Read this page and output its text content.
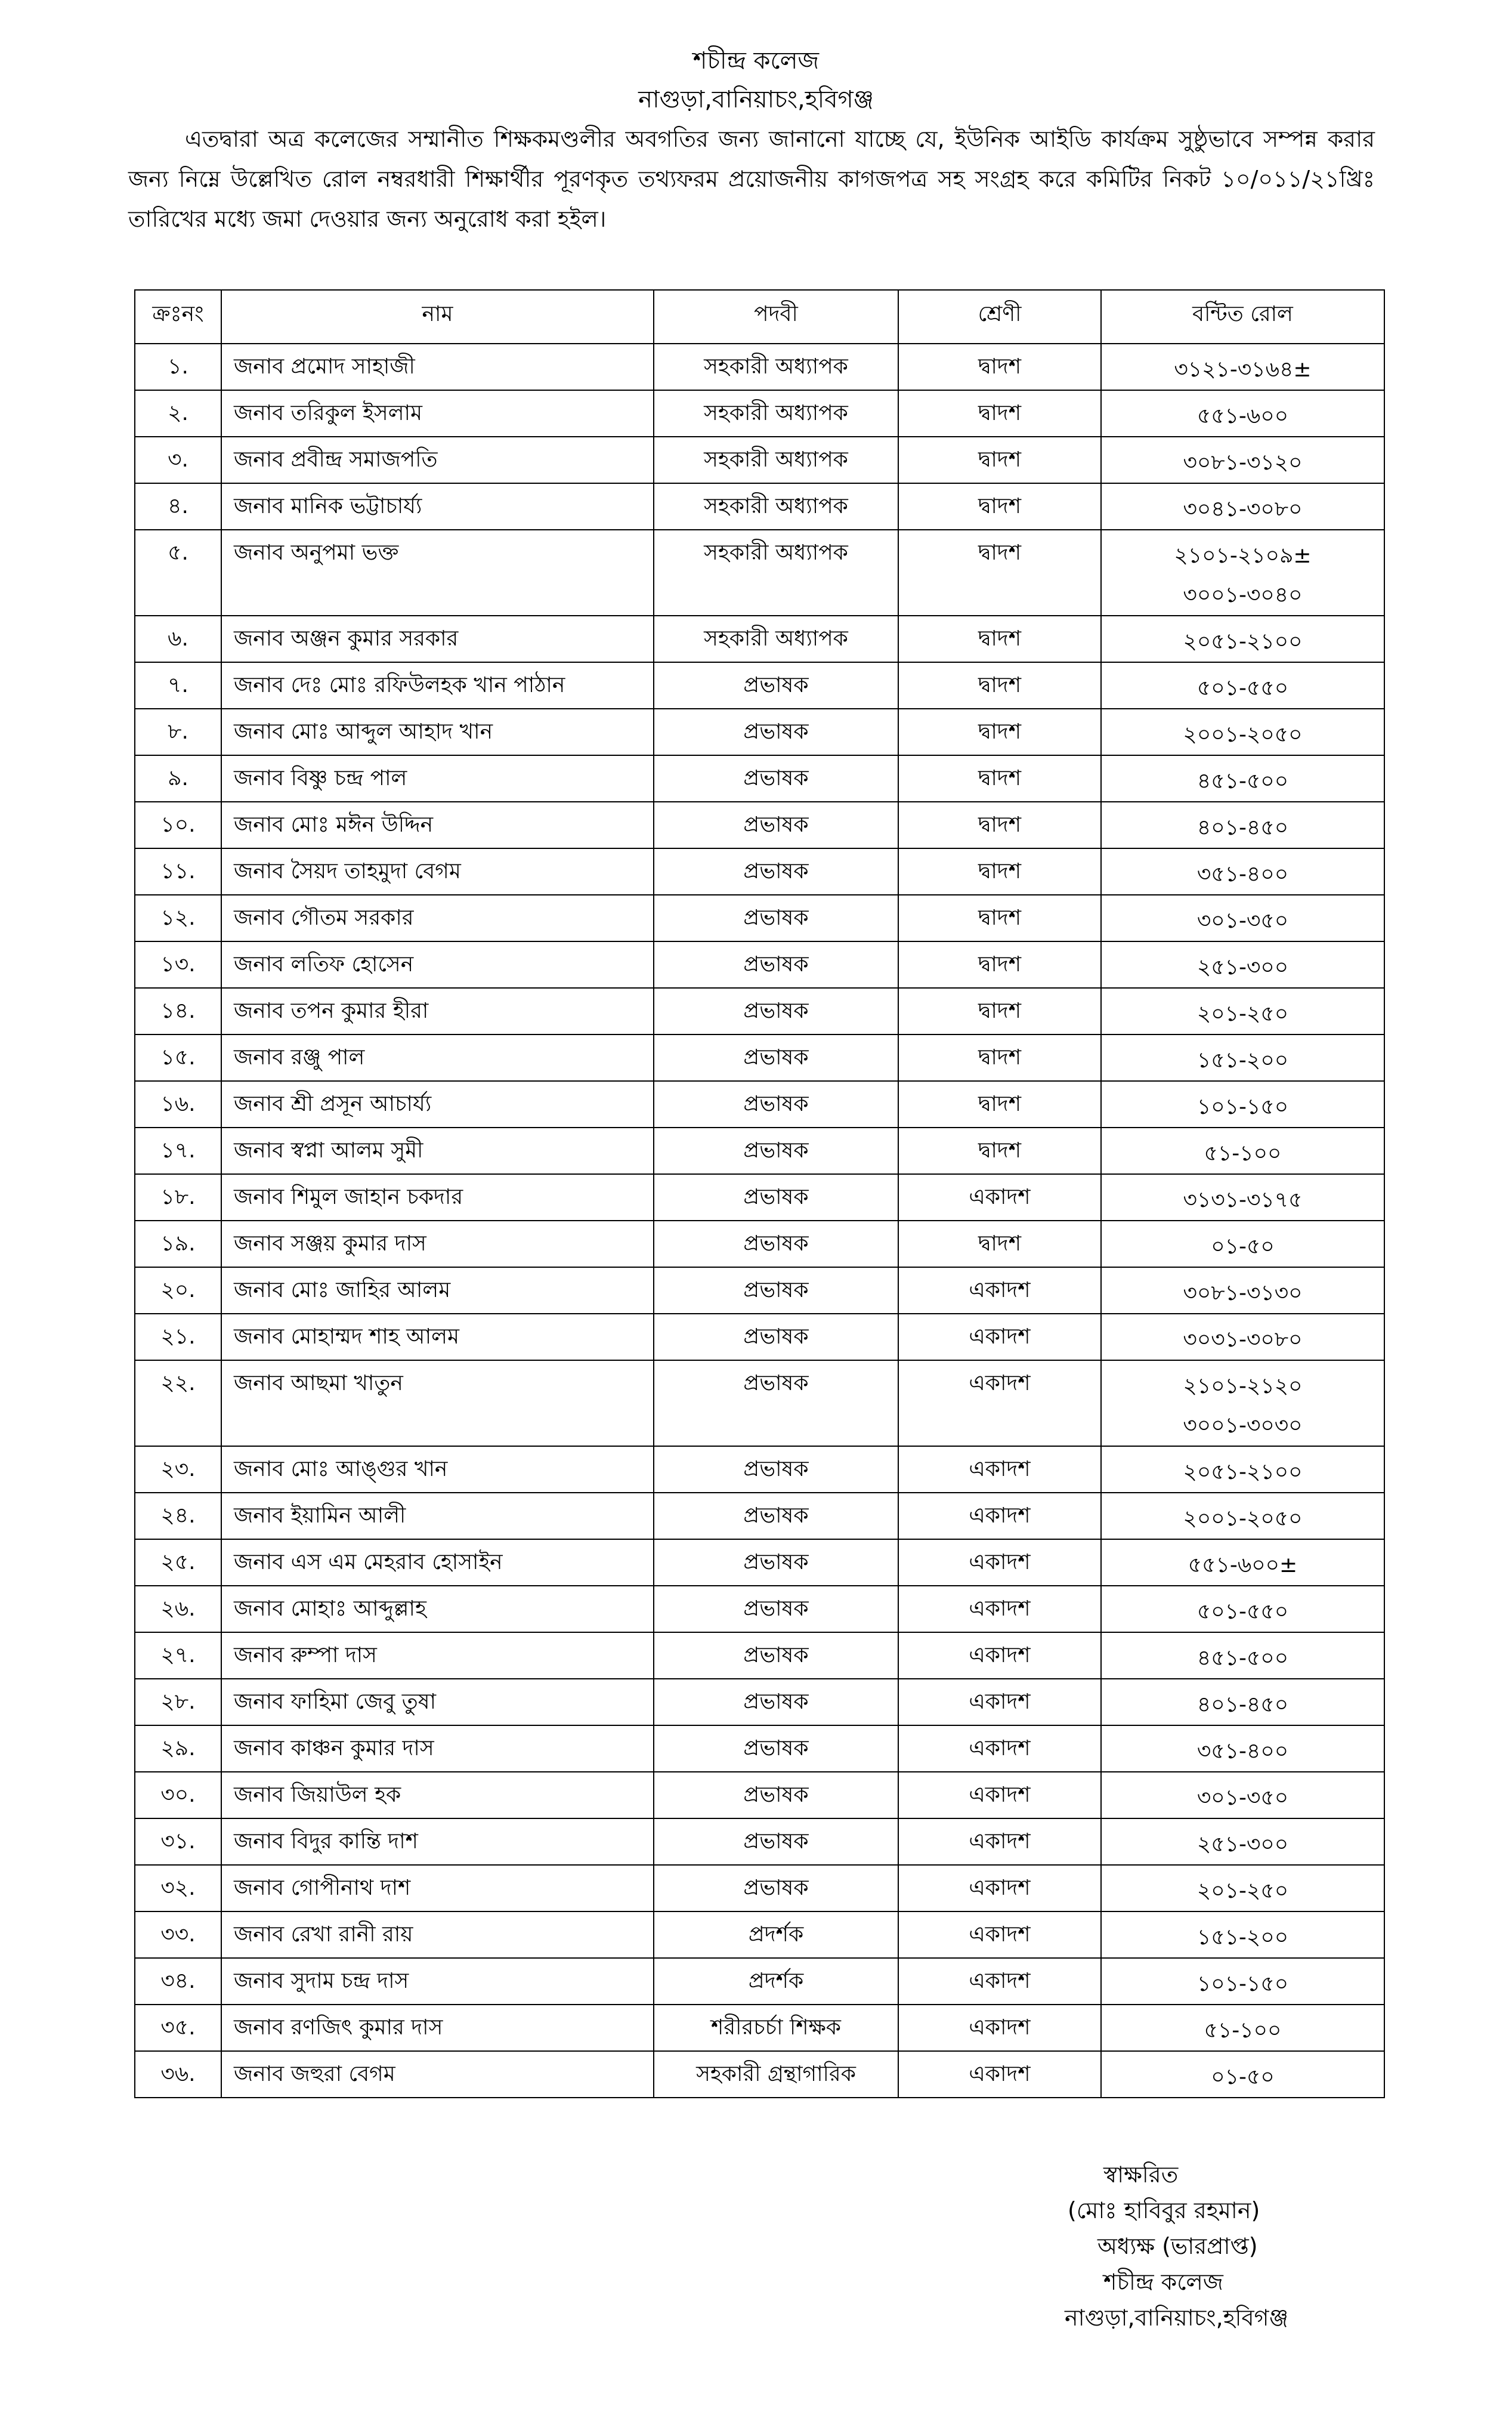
শচীন্দ্র কলেজ
নাগুড়া,বানিয়াচং,হবিগঞ্জ
এতদ্বারা অত্র কলেজের সম্মানীত শিক্ষকমণ্ডলীর অবগতির জন্য জানানো যাচ্ছে যে, ইউনিক আইডি কার্যক্রম সুষ্ঠুভাবে সম্পন্ন করার জন্য নিম্নে উল্লেখিত রোল নম্বরধারী শিক্ষার্থীর পূরণকৃত তথ্যফরম প্রয়োজনীয় কাগজপত্র সহ সংগ্রহ করে কমিটির নিকট ১০/০১১/২১খ্রিঃ তারিখের মধ্যে জমা দেওয়ার জন্য অনুরোধ করা হইল।
ক্রঃনং	নাম	পদবী	শ্রেণী	বন্টিত রোল
১.	জনাব প্রমোদ সাহাজী	সহকারী অধ্যাপক	দ্বাদশ	৩১২১-৩১৬৪±

২.	জনাব তরিকুল ইসলাম	সহকারী অধ্যাপক	দ্বাদশ	৫৫১-৬০০

৩.	জনাব প্রবীন্দ্র সমাজপতি	সহকারী অধ্যাপক	দ্বাদশ	৩০৮১-৩১২০

৪.	জনাব মানিক ভট্টাচার্য্য	সহকারী অধ্যাপক	দ্বাদশ	৩০৪১-৩০৮০

৫.	জনাব অনুপমা ভক্ত	সহকারী অধ্যাপক	দ্বাদশ	২১০১-২১০৯±
৩০০১-৩০৪০

৬.	জনাব অঞ্জন কুমার সরকার	সহকারী অধ্যাপক	দ্বাদশ	২০৫১-২১০০

৭.	জনাব দেঃ মোঃ রফিউলহক খান পাঠান	প্রভাষক	দ্বাদশ	৫০১-৫৫০

৮.	জনাব মোঃ আব্দুল আহাদ খান	প্রভাষক	দ্বাদশ	২০০১-২০৫০

৯.	জনাব বিষ্ণু চন্দ্র পাল	প্রভাষক	দ্বাদশ	৪৫১-৫০০

১০.	জনাব মোঃ মঈন উদ্দিন	প্রভাষক	দ্বাদশ	৪০১-৪৫০

১১.	জনাব সৈয়দ তাহমুদা বেগম	প্রভাষক	দ্বাদশ	৩৫১-৪০০

১২.	জনাব গৌতম সরকার	প্রভাষক	দ্বাদশ	৩০১-৩৫০

১৩.	জনাব লতিফ হোসেন	প্রভাষক	দ্বাদশ	২৫১-৩০০

১৪.	জনাব তপন কুমার হীরা	প্রভাষক	দ্বাদশ	২০১-২৫০

১৫.	জনাব রঞ্জু পাল	প্রভাষক	দ্বাদশ	১৫১-২০০

১৬.	জনাব শ্রী প্রসূন আচার্য্য	প্রভাষক	দ্বাদশ	১০১-১৫০

১৭.	জনাব স্বপ্না আলম সুমী	প্রভাষক	দ্বাদশ	৫১-১০০

১৮.	জনাব শিমুল জাহান চকদার	প্রভাষক	একাদশ	৩১৩১-৩১৭৫

১৯.	জনাব সঞ্জয় কুমার দাস	প্রভাষক	দ্বাদশ	০১-৫০

২০.	জনাব মোঃ জাহির আলম	প্রভাষক	একাদশ	৩০৮১-৩১৩০

২১.	জনাব মোহাম্মদ শাহ আলম	প্রভাষক	একাদশ	৩০৩১-৩০৮০

২২.	জনাব আছমা খাতুন	প্রভাষক	একাদশ	২১০১-২১২০
৩০০১-৩০৩০

২৩.	জনাব মোঃ আঙ্গুর খান	প্রভাষক	একাদশ	২০৫১-২১০০

২৪.	জনাব ইয়ামিন আলী	প্রভাষক	একাদশ	২০০১-২০৫০

২৫.	জনাব এস এম মেহরাব হোসাইন	প্রভাষক	একাদশ	৫৫১-৬০০±

২৬.	জনাব মোহাঃ আব্দুল্লাহ	প্রভাষক	একাদশ	৫০১-৫৫০

২৭.	জনাব রুম্পা দাস	প্রভাষক	একাদশ	৪৫১-৫০০

২৮.	জনাব ফাহিমা জেবু তুষা	প্রভাষক	একাদশ	৪০১-৪৫০

২৯.	জনাব কাঞ্চন কুমার দাস	প্রভাষক	একাদশ	৩৫১-৪০০

৩০.	জনাব জিয়াউল হক	প্রভাষক	একাদশ	৩০১-৩৫০

৩১.	জনাব বিদুর কান্তি দাশ	প্রভাষক	একাদশ	২৫১-৩০০

৩২.	জনাব গোপীনাথ দাশ	প্রভাষক	একাদশ	২০১-২৫০

৩৩.	জনাব রেখা রানী রায়	প্রদর্শক	একাদশ	১৫১-২০০

৩৪.	জনাব সুদাম চন্দ্র দাস	প্রদর্শক	একাদশ	১০১-১৫০

৩৫.	জনাব রণজিৎ কুমার দাস	শরীরচর্চা শিক্ষক	একাদশ	৫১-১০০

৩৬.	জনাব জহুরা বেগম	সহকারী গ্রন্থাগারিক	একাদশ	০১-৫০
স্বাক্ষরিত
(মোঃ হাবিবুর রহমান)
অধ্যক্ষ (ভারপ্রাপ্ত)
শচীন্দ্র কলেজ
নাগুড়া,বানিয়াচং,হবিগঞ্জ
